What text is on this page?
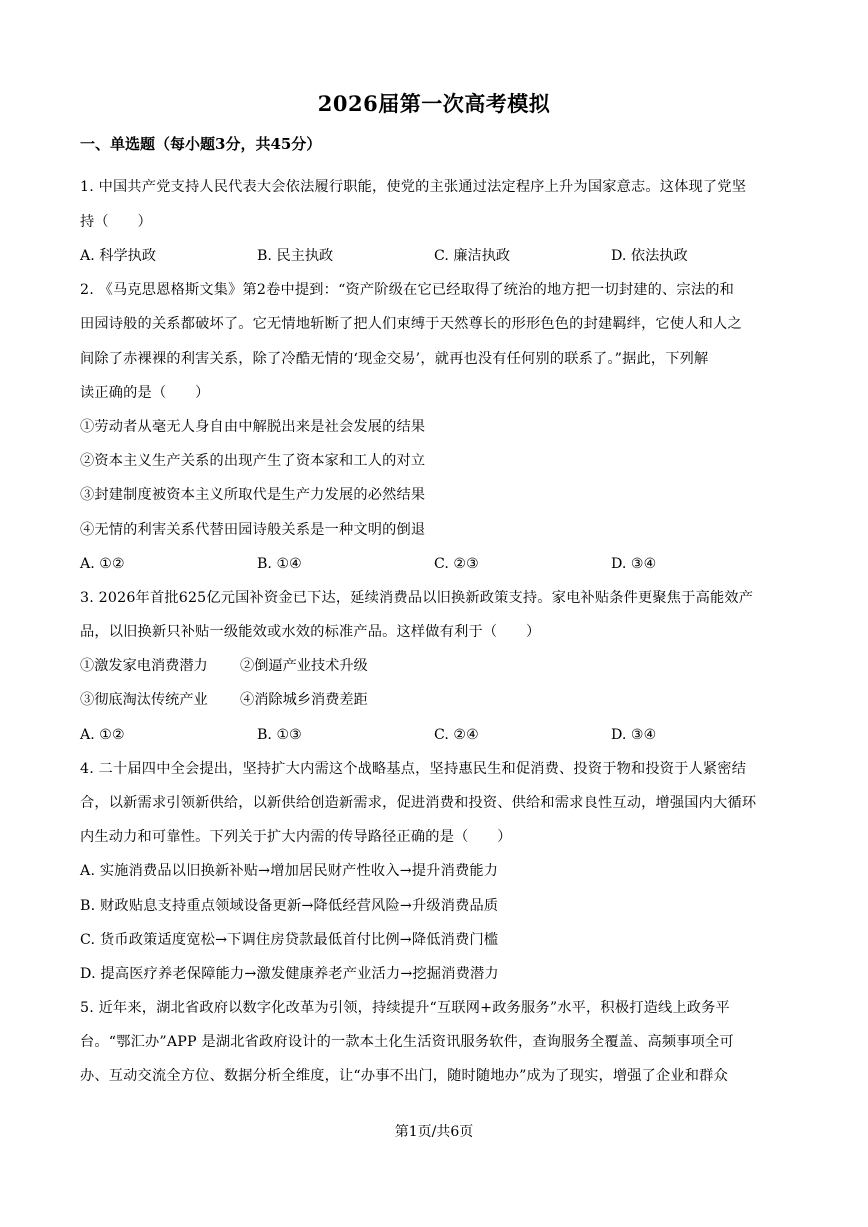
2026届第一次高考模拟
一、单选题（每小题3分，共45分）
1. 中国共产党支持人民代表大会依法履行职能，使党的主张通过法定程序上升为国家意志。这体现了党坚
持（　　）
A. 科学执政	B. 民主执政	C. 廉洁执政	D. 依法执政
2. 《马克思恩格斯文集》第2卷中提到：“资产阶级在它已经取得了统治的地方把一切封建的、宗法的和
田园诗般的关系都破坏了。它无情地斩断了把人们束缚于天然尊长的形形色色的封建羁绊，它使人和人之
间除了赤裸裸的利害关系，除了冷酷无情的‘现金交易’，就再也没有任何别的联系了。”据此，下列解
读正确的是（　　）
①劳动者从毫无人身自由中解脱出来是社会发展的结果
②资本主义生产关系的出现产生了资本家和工人的对立
③封建制度被资本主义所取代是生产力发展的必然结果
④无情的利害关系代替田园诗般关系是一种文明的倒退
A. ①②	B. ①④	C. ②③	D. ③④
3. 2026年首批625亿元国补资金已下达，延续消费品以旧换新政策支持。家电补贴条件更聚焦于高能效产
品，以旧换新只补贴一级能效或水效的标准产品。这样做有利于（　　）
①激发家电消费潜力 ②倒逼产业技术升级
③彻底淘汰传统产业 ④消除城乡消费差距
A. ①②	B. ①③	C. ②④	D. ③④
4. 二十届四中全会提出，坚持扩大内需这个战略基点，坚持惠民生和促消费、投资于物和投资于人紧密结
合，以新需求引领新供给，以新供给创造新需求，促进消费和投资、供给和需求良性互动，增强国内大循环
内生动力和可靠性。下列关于扩大内需的传导路径正确的是（　　）
A. 实施消费品以旧换新补贴→增加居民财产性收入→提升消费能力
B. 财政贴息支持重点领域设备更新→降低经营风险→升级消费品质
C. 货币政策适度宽松→下调住房贷款最低首付比例→降低消费门槛
D. 提高医疗养老保障能力→激发健康养老产业活力→挖掘消费潜力
5. 近年来，湖北省政府以数字化改革为引领，持续提升“互联网+政务服务”水平，积极打造线上政务平
台。“鄂汇办”APP 是湖北省政府设计的一款本土化生活资讯服务软件，查询服务全覆盖、高频事项全可
办、互动交流全方位、数据分析全维度，让“办事不出门，随时随地办”成为了现实，增强了企业和群众
第1页/共6页
